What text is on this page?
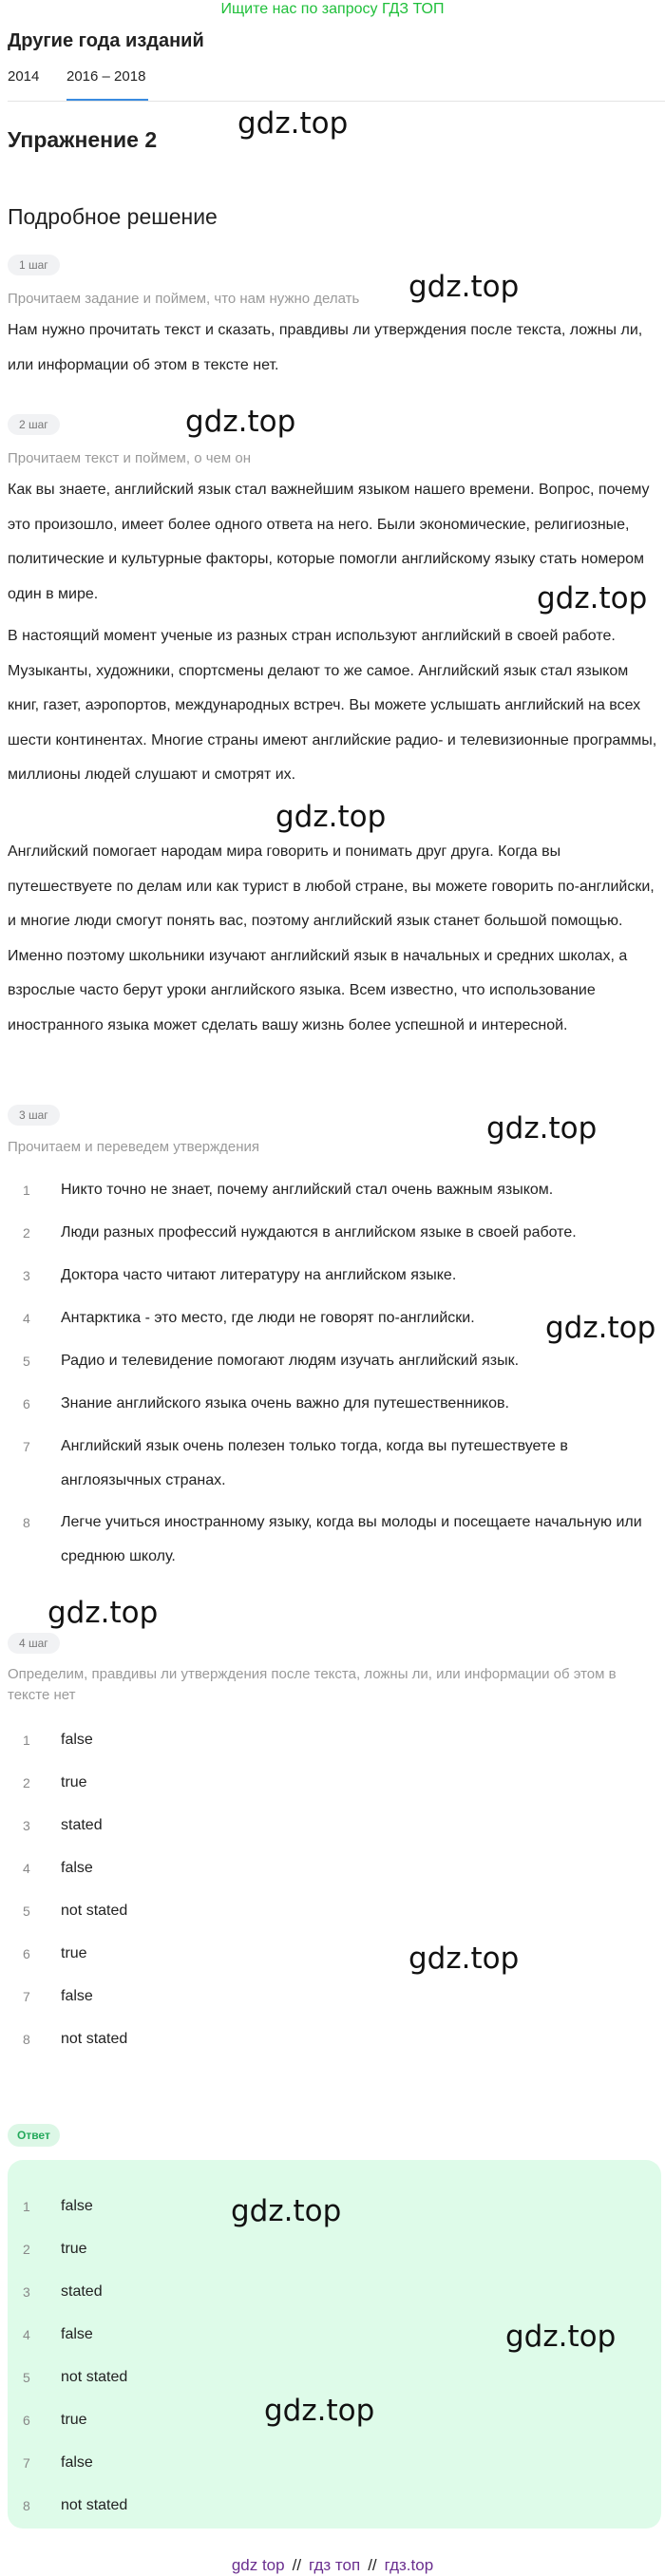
Ищите нас по запросу ГДЗ ТОП
Другие года изданий
2014 2016 – 2018
Упражнение 2
Подробное решение
1 шаг
Прочитаем задание и поймем, что нам нужно делать
Нам нужно прочитать текст и сказать, правдивы ли утверждения после текста, ложны ли, или информации об этом в тексте нет.
2 шаг
Прочитаем текст и поймем, о чем он
Как вы знаете, английский язык стал важнейшим языком нашего времени. Вопрос, почему это произошло, имеет более одного ответа на него. Были экономические, религиозные, политические и культурные факторы, которые помогли английскому языку стать номером один в мире.
В настоящий момент ученые из разных стран используют английский в своей работе. Музыканты, художники, спортсмены делают то же самое. Английский язык стал языком книг, газет, аэропортов, международных встреч. Вы можете услышать английский на всех шести континентах. Многие страны имеют английские радио- и телевизионные программы, миллионы людей слушают и смотрят их.
Английский помогает народам мира говорить и понимать друг друга. Когда вы путешествуете по делам или как турист в любой стране, вы можете говорить по-английски, и многие люди смогут понять вас, поэтому английский язык станет большой помощью. Именно поэтому школьники изучают английский язык в начальных и средних школах, а взрослые часто берут уроки английского языка. Всем известно, что использование иностранного языка может сделать вашу жизнь более успешной и интересной.
3 шаг
Прочитаем и переведем утверждения
1 Никто точно не знает, почему английский стал очень важным языком.
2 Люди разных профессий нуждаются в английском языке в своей работе.
3 Доктора часто читают литературу на английском языке.
4 Антарктика - это место, где люди не говорят по-английски.
5 Радио и телевидение помогают людям изучать английский язык.
6 Знание английского языка очень важно для путешественников.
7 Английский язык очень полезен только тогда, когда вы путешествуете в англоязычных странах.
8 Легче учиться иностранному языку, когда вы молоды и посещаете начальную или среднюю школу.
4 шаг
Определим, правдивы ли утверждения после текста, ложны ли, или информации об этом в тексте нет
1 false
2 true
3 stated
4 false
5 not stated
6 true
7 false
8 not stated
Ответ
1 false
2 true
3 stated
4 false
5 not stated
6 true
7 false
8 not stated
gdz.top
gdz.top
gdz.top
gdz.top
gdz.top
gdz.top
gdz.top
gdz.top
gdz.top
gdz.top
gdz.top
gdz.top
gdz top // гдз топ // гдз.top
